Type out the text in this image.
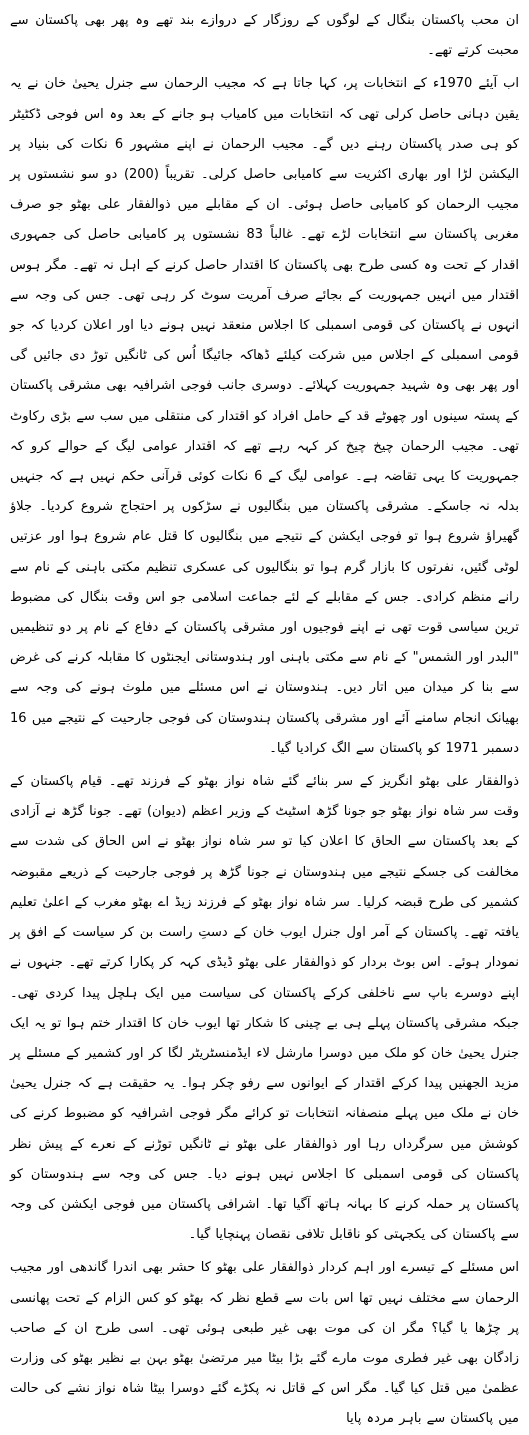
ان محب پاکستان بنگال کے لوگوں کے روزگار کے دروازے بند تھے وہ پھر بھی پاکستان سے محبت کرتے تھے۔

اب آیئے 1970ء کے انتخابات پر، کہا جاتا ہے کہ مجیب الرحمان سے جنرل یحییٰ خان نے یہ یقین دہانی حاصل کرلی تھی کہ انتخابات میں کامیاب ہو جانے کے بعد وہ اس فوجی ڈکٹیٹر کو ہی صدر پاکستان رہنے دیں گے۔ مجیب الرحمان نے اپنے مشہور 6 نکات کی بنیاد پر الیکشن لڑا اور بھاری اکثریت سے کامیابی حاصل کرلی۔ تقریباً (200) دو سو نشستوں پر مجیب الرحمان کو کامیابی حاصل ہوئی۔ ان کے مقابلے میں ذوالفقار علی بھٹو جو صرف مغربی پاکستان سے انتخابات لڑے تھے۔ غالباً 83 نشستوں پر کامیابی حاصل کی جمہوری اقدار کے تحت وہ کسی طرح بھی پاکستان کا اقتدار حاصل کرنے کے اہل نہ تھے۔ مگر ہوس اقتدار میں انہیں جمہوریت کے بجائے صرف آمریت سوٹ کر رہی تھی۔ جس کی وجہ سے انہوں نے پاکستان کی قومی اسمبلی کا اجلاس منعقد نہیں ہونے دیا اور اعلان کردیا کہ جو قومی اسمبلی کے اجلاس میں شرکت کیلئے ڈھاکہ جائیگا اُس کی ٹانگیں توڑ دی جائیں گی اور پھر بھی وہ شہید جمہوریت کہلائے۔ دوسری جانب فوجی اشرافیہ بھی مشرقی پاکستان کے پستہ سینوں اور چھوٹے قد کے حامل افراد کو اقتدار کی منتقلی میں سب سے بڑی رکاوٹ تھی۔ مجیب الرحمان چیخ چیخ کر کہہ رہے تھے کہ اقتدار عوامی لیگ کے حوالے کرو کہ جمہوریت کا یہی تقاضہ ہے۔ عوامی لیگ کے 6 نکات کوئی قرآنی حکم نہیں ہے کہ جنہیں بدلہ نہ جاسکے۔ مشرقی پاکستان میں بنگالیوں نے سڑکوں پر احتجاج شروع کردیا۔ جلاؤ گھیراؤ شروع ہوا تو فوجی ایکشن کے نتیجے میں بنگالیوں کا قتل عام شروع ہوا اور عزتیں لوٹی گئیں، نفرتوں کا بازار گرم ہوا تو بنگالیوں کی عسکری تنظیم مکتی باہنی کے نام سے رانے منظم کرادی۔ جس کے مقابلے کے لئے جماعت اسلامی جو اس وقت بنگال کی مضبوط ترین سیاسی قوت تھی نے اپنے فوجیوں اور مشرقی پاکستان کے دفاع کے نام پر دو تنظیمیں "البدر اور الشمس" کے نام سے مکتی باہنی اور ہندوستانی ایجنٹوں کا مقابلہ کرنے کی غرض سے بنا کر میدان میں اتار دیں۔ ہندوستان نے اس مسئلے میں ملوث ہونے کی وجہ سے بھیانک انجام سامنے آئے اور مشرقی پاکستان ہندوستان کی فوجی جارحیت کے نتیجے میں 16 دسمبر 1971 کو پاکستان سے الگ کرادیا گیا۔

ذوالفقار علی بھٹو انگریز کے سر بنائے گئے شاہ نواز بھٹو کے فرزند تھے۔ قیام پاکستان کے وقت سر شاہ نواز بھٹو جو جونا گڑھ اسٹیٹ کے وزیر اعظم (دیوان) تھے۔ جونا گڑھ نے آزادی کے بعد پاکستان سے الحاق کا اعلان کیا تو سر شاہ نواز بھٹو نے اس الحاق کی شدت سے مخالفت کی جسکے نتیجے میں ہندوستان نے جونا گڑھ پر فوجی جارحیت کے ذریعے مقبوضہ کشمیر کی طرح قبضہ کرلیا۔ سر شاہ نواز بھٹو کے فرزند زیڈ اے بھٹو مغرب کے اعلیٰ تعلیم یافتہ تھے۔ پاکستان کے آمر اول جنرل ایوب خان کے دستِ راست بن کر سیاست کے افق پر نمودار ہوئے۔ اس بوٹ بردار کو ذوالفقار علی بھٹو ڈیڈی کہہ کر پکارا کرتے تھے۔ جنہوں نے اپنے دوسرے باپ سے ناخلفی کرکے پاکستان کی سیاست میں ایک ہلچل پیدا کردی تھی۔ جبکہ مشرقی پاکستان پہلے ہی بے چینی کا شکار تھا ایوب خان کا اقتدار ختم ہوا تو یہ ایک جنرل یحییٰ خان کو ملک میں دوسرا مارشل لاء ایڈمنسٹریٹر لگا کر اور کشمیر کے مسئلے پر مزید الجھنیں پیدا کرکے اقتدار کے ایوانوں سے رفو چکر ہوا۔ یہ حقیقت ہے کہ جنرل یحییٰ خان نے ملک میں پہلے منصفانہ انتخابات تو کرائے مگر فوجی اشرافیہ کو مضبوط کرنے کی کوشش میں سرگرداں رہا اور ذوالفقار علی بھٹو نے ٹانگیں توڑنے کے نعرے کے پیش نظر پاکستان کی قومی اسمبلی کا اجلاس نہیں ہونے دیا۔ جس کی وجہ سے ہندوستان کو پاکستان پر حملہ کرنے کا بہانہ ہاتھ آگیا تھا۔ اشرافی پاکستان میں فوجی ایکشن کی وجہ سے پاکستان کی یکجہتی کو ناقابل تلافی نقصان پہنچایا گیا۔

اس مسئلے کے تیسرے اور اہم کردار ذوالفقار علی بھٹو کا حشر بھی اندرا گاندھی اور مجیب الرحمان سے مختلف نہیں تھا اس بات سے قطع نظر کہ بھٹو کو کس الزام کے تحت پھانسی پر چڑھا یا گیا؟ مگر ان کی موت بھی غیر طبعی ہوئی تھی۔ اسی طرح ان کے صاحب زادگان بھی غیر فطری موت مارے گئے بڑا بیٹا میر مرتضیٰ بھٹو بہن بے نظیر بھٹو کی وزارت عظمیٰ میں قتل کیا گیا۔ مگر اس کے قاتل نہ پکڑے گئے دوسرا بیٹا شاہ نواز نشے کی حالت میں پاکستان سے باہر مردہ پایا
